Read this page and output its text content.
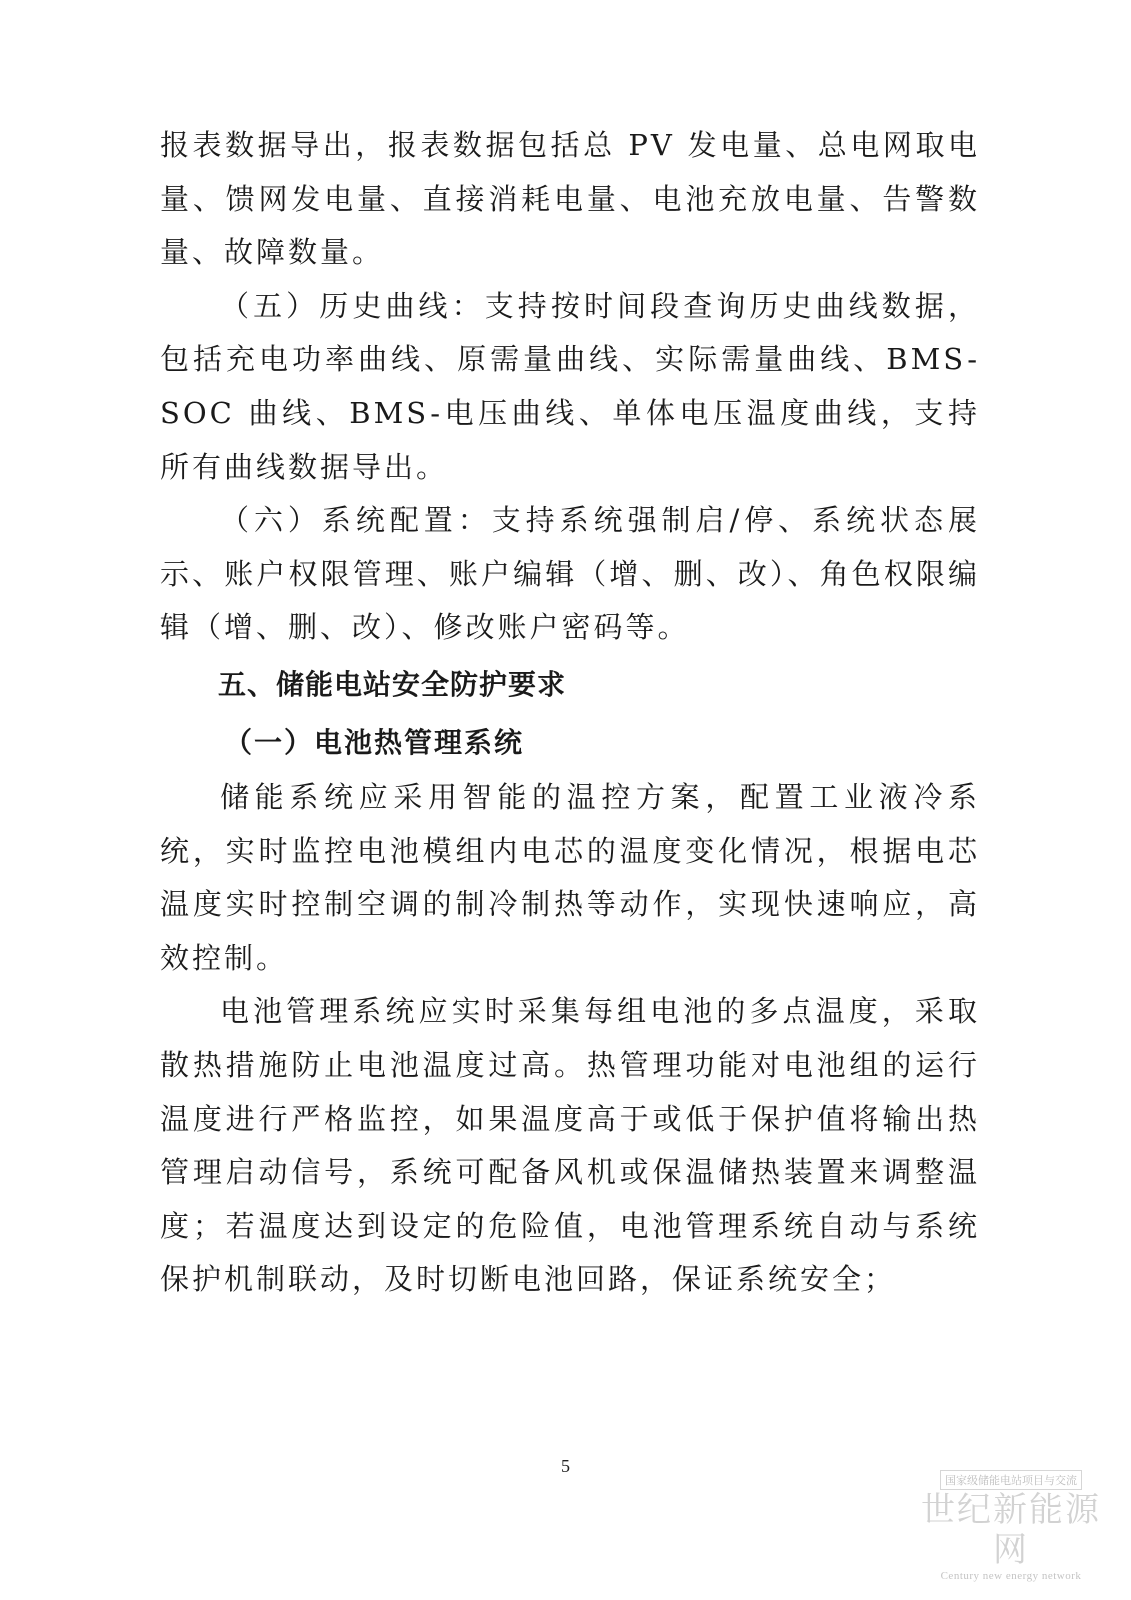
报表数据导出，报表数据包括总 PV 发电量、总电网取电量、馈网发电量、直接消耗电量、电池充放电量、告警数量、故障数量。

（五）历史曲线：支持按时间段查询历史曲线数据，包括充电功率曲线、原需量曲线、实际需量曲线、BMS-SOC 曲线、BMS-电压曲线、单体电压温度曲线，支持所有曲线数据导出。

（六）系统配置：支持系统强制启/停、系统状态展示、账户权限管理、账户编辑（增、删、改）、角色权限编辑（增、删、改）、修改账户密码等。

五、储能电站安全防护要求
（一）电池热管理系统

储能系统应采用智能的温控方案，配置工业液冷系统，实时监控电池模组内电芯的温度变化情况，根据电芯温度实时控制空调的制冷制热等动作，实现快速响应，高效控制。

电池管理系统应实时采集每组电池的多点温度，采取散热措施防止电池温度过高。热管理功能对电池组的运行温度进行严格监控，如果温度高于或低于保护值将输出热管理启动信号，系统可配备风机或保温储热装置来调整温度；若温度达到设定的危险值，电池管理系统自动与系统保护机制联动，及时切断电池回路，保证系统安全；

5
国家级储能电站项目与交流
世纪新能源网
Century new energy network
